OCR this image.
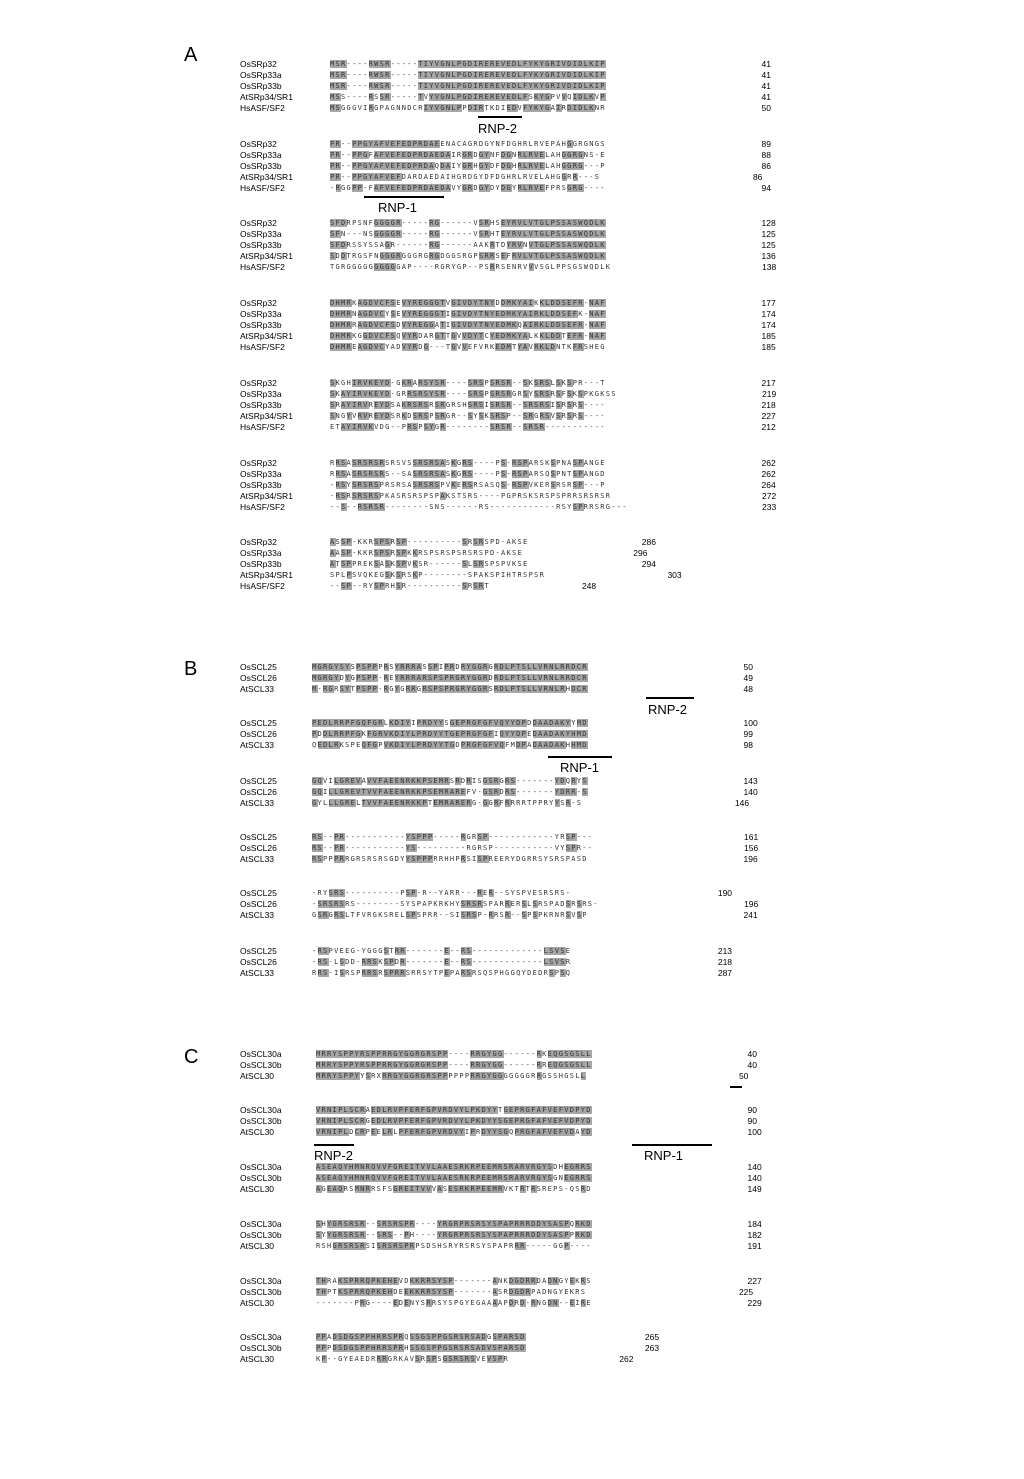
A
B
C
RNP-2
RNP-1
RNP-2
RNP-1
RNP-2	RNP-1
OsSRp32	MSR----RWSR-----TIYVGNLPGDIREREVEDLFYKYGRIVDIDLKIP	41
OsSRp33a	MSR----RWSR-----TIYVGNLPGDIREREVEDLFYKYGRIVDIDLKIP	41
OsSRp33b	MSR----RWSR-----TIYVGNLPGDIREREVEDLFYKYGRIVDIDLKIP	41
AtSRp34/SR1	MSS----RSSR-----TVYVGNLPGDIREREVEDLFSKYGPVVQIDLKVP	41
HsASF/SF2	MSGGGVIRGPAGNNDCRIYVGNLPPDIRTKDIEDVFYKYGAIRDIDLKNR	50
OsSRp32	PR--PPGYAFVEFEDPRDAEENACAGRDGYNFDGHRLRVEPAHGGRGNGS	89
OsSRp33a	PR--PPGFAFVEFEDPRDAEDAIRGRDGYNFDGNRLRVELAHGGRGNS-E	88
OsSRp33b	PR--PPGYAFVEFEDPRDAQDAIYGRHGYDFDGHRLRVELAHGGRG---P	86
AtSRp34/SR1	PR--PPGYAFVEFDARDAEDAIHGRDGYDFDGHRLRVELAHGGRR---S	86
HsASF/SF2	-RGGPP-FAFVEFEDPRDAEDAVYGRDGYDYDGYRLRVEFPRSGRG----	94
OsSRp32	SFDRPSNFGGGGR-----RG------VSRHSEYRVLVTGLPSSASWQDLK	128
OsSRp33a	SFN---NSGGGGR-----RG------VSRHTEYRVLVTGLPSSASWQDLK	125
OsSRp33b	SFDRSSYSSAGR------RG------AAKRTDYRVNVTGLPSSASWQDLK	125
AtSRp34/SR1	SDDTRGSFNGGGRGGGRGRGDGGSRGPSRRSEFRVLVTGLPSSASWQDLK	136
HsASF/SF2	TGRGGGGGGGGGGAP----RGRYGP--PSRRSENRVVVSGLPPSGSWQDLK	138
OsSRp32	DHMRKAGDVCFSEVYREGGGTVGIVDYTNYDDMKYAIKKLDDSEFR-NAF	177
OsSRp33a	DHMRNAGDVCYSEVYREGGGTIGIVDYTNYEDMKYAIRKLDDSEFK-NAF	174
OsSRp33b	DHMRRAGDVCFSDVYREGGATIGIVDYTNYEDMKQAIRKLDDSEFR-NAF	174
AtSRp34/SR1	DHMRKGGDVCFSQVYRDARGTTGVVDYTCYEDMKYALKKLDDTEFR-NAF	185
HsASF/SF2	DHMREAGDVCYADVYRDG---TGVVEFVRKEDMTYAVRKLDNTKFRSHEG	185
OsSRp32	SKGHIRVKEYD-GKRARSYSR----SRSPSRSR--SKSRSLSKSPR---T	217
OsSRp33a	SKAYIRVKEYD-GRRSRSYSR----SRSPSRSRGRSYSRSRSFSKSPKGKSS	219
OsSRp33b	SRAYIRVREYDSAKRSRSRSRGRSHSRSISRSR--SRSRSISRSRS----	218
AtSRp34/SR1	SNGYVRVREYDSRKDSRSPSRGR--SYSKSRSP--SRGRSVSRSRS----	227
HsASF/SF2	ETAYIRVKVDG--PRSPSYGR--------SRSR--SRSR-----------	212
OsSRp32	RRSASRSRSRSRSVSSRSRSASKGRS----PS-RSPARSKSPNASPANGE	262
OsSRp33a	RRSASRSRSRS--SASRSRSASKGRS----PS-RSPARSQSPNTSPANGD	262
OsSRp33b	-RSYSRSRSPRSRSASRSRSPVKERSRSASQS-RSPVKERSRSRSP---P	264
AtSRp34/SR1	-RSRSRSRSPKASRSRSPSPAKSTSRS----PGPRSKSRSPSPRRSRSRSR	272
HsASF/SF2	--S--RSRSR--------SNS------RS------------RSYSPRRSRG---	233
OsSRp32	ASSP-KKRSPSRSP----------SRSRSPD-AKSE	286
OsSRp33a	AASP-KKRSPSRSPKKRSPSRSPSRSRSPD-AKSE	296
OsSRp33b	ATSPPREKSASKSPVKSR------SLSRSPSPVKSE	294
AtSRp34/SR1	SPLPSVQKEGSKSRSKP--------SPAKSPIHTRSPSR	303
HsASF/SF2	--SP--RYSPRHSR----------SRSRT	248
OsSCL25	MGRGYSYSPSPPPRSYRRRASSPIPRDRYGGRGRDLPTSLLVRNLRRDCR	50
OsSCL26	MGRGYDYGPSPP-REYRRRARSPSPRGRYGGRDRDLPTSLLVRNLRRDCR	49
AtSCL33	M-RGRSYTPSPP-RGYGRRGRSPSPRGRYGGRSRDLPTSLLVRNLRHDCR	48
OsSCL25	PEDLRRPFGQFGRLKDIYIPRDYYSGEPRGFGFVQYYDPDDAADAKYYMD	100
OsSCL26	PDDLRRPFGKFGRVKDIYLPRDYYTGEPRGFGFIQYYDPEDAADAKYHMD	99
AtSCL33	QEDLRKSPEQFGPVKDIYLPRDYYTGDPRGFGFVQFMDPADAADAKHHMD	98
OsSCL25	GQVILGREVAVVFAEENRKKPSEMRSRDRISGSRGRS-------YDQRYS	143
OsSCL26	GQILLGREVTVVFAEENRKKPSEMRAREFV-GSRDRS-------YDRR-S	140
AtSCL33	GYLLLGRELTVVFAEENRKKPTEMRARERG-GGRFRRRRTPPRYYSR-S	146
OsSCL25	RS--PR-----------YSPPP-----RGRSP------------YRSP---	161
OsSCL26	RS--PR-----------YS---------RGRSP-----------VYSPR--	156
AtSCL33	RSPPPRRGRSRSRSGDYYSPPPRRHHPRSISPREERYDGRRSYSRSPASD	196
OsSCL25	-RYSRS----------PSP-R--YARR---RER--SYSPVESRSRS-	190
OsSCL26	-SRSRSRS--------SYSPAPKRKHYSRSRSPARRERSLSRSPADSRSRS-	196
AtSCL33	GSRGRSLTFVRGKSRELSPSPRR--SISRSP-RRSR--SPSPKRNRSVSP	241
OsSCL25	-RSPVEEG-YGGGSTRR-------E--RS-------------LSVSE	213
OsSCL26	-RS-LSDD-RRSKSPDR-------E--RS-------------LSVSR	218
AtSCL33	RRS-ISRSPRRSRSPRRSRRSYTPEPARSRSQSPHGGQYDEDRSPSQ	287
OsSCL30a	MRRYSPPYRSPPRRGYGGRGRSPP----RRGYGG------RKEQGSGSLL	40
OsSCL30b	MRRYSPPYRSPPRRGYGGRGRSPP----RRGYGG------RREQGSGSLL	40
AtSCL30	MRRYSPPYYSRXRRGYGGRGRSPPPPPPRRGYGGGGGGGRRGSSHGSLL	50
OsSCL30a	VRNIPLSCRAEDLRVPFERFGPVRDVYLPKDYYTGEPRGFAFVEFVDPYD	90
OsSCL30b	VRNIPLSCRGEDLRVPFERFGPVRDVYLPKDYYSGEPRGFAFVEFVDPYD	90
AtSCL30	VRNIPLDCRPEELRLPFERFGPVRDVYIPRDYYSGQPRGFAFVEFVDAYD	100
OsSCL30a	ASEAQYHMNRQVVFGREITVVLAAESRKRPEEMRSRARVRGYSDHEGRRS	140
OsSCL30b	ASEAQYHMNRQVVFGREITVVLAAESRKRPEEMRSRARVRGYSGNEGRRS	140
AtSCL30	AGEAQRSMNRRSFSGREITVVVASESRKRPEEMRVKTRTRSREPS-QSRD	149
OsSCL30a	SHYGRSRSR--SRSRSPR----YRGRPRSRSYSPAPRRRDDYSASPQRKD	184
OsSCL30b	SYYGRSRSR--SRS--PH----YRGRPRSRSYSPAPRRRDDYSASPPRKD	182
AtSCL30	RSHGRSRSRSISRSRSPRPSDSHSRYRSRSYSPAPRRR-----GGP----	191
OsSCL30a	THRAKSPRRQPKEHEVDKKRRSYSP-------ANKDGDRRDADNGYEKRS	227
OsSCL30b	THPTKSPRRQPKEHDEEKKRRSYSP-------ASRDGDRPADNGYEKRS	225
AtSCL30	-------PRG----EDENYSRRSYSPGYEGAAAAPDRD-RNGDN--EIRE	229
OsSCL30a	PPADSDGSPPHRRSPRQSSGSPPGSRSRSADGSPARSD	265
OsSCL30b	PPPDSDGSPPHRRSPRHSSGSPPGSRSRSADVSPARSD	263
AtSCL30	KP--GYEAEDRRRGRKAVSRSPSGSRSRSVEVSPR	262
